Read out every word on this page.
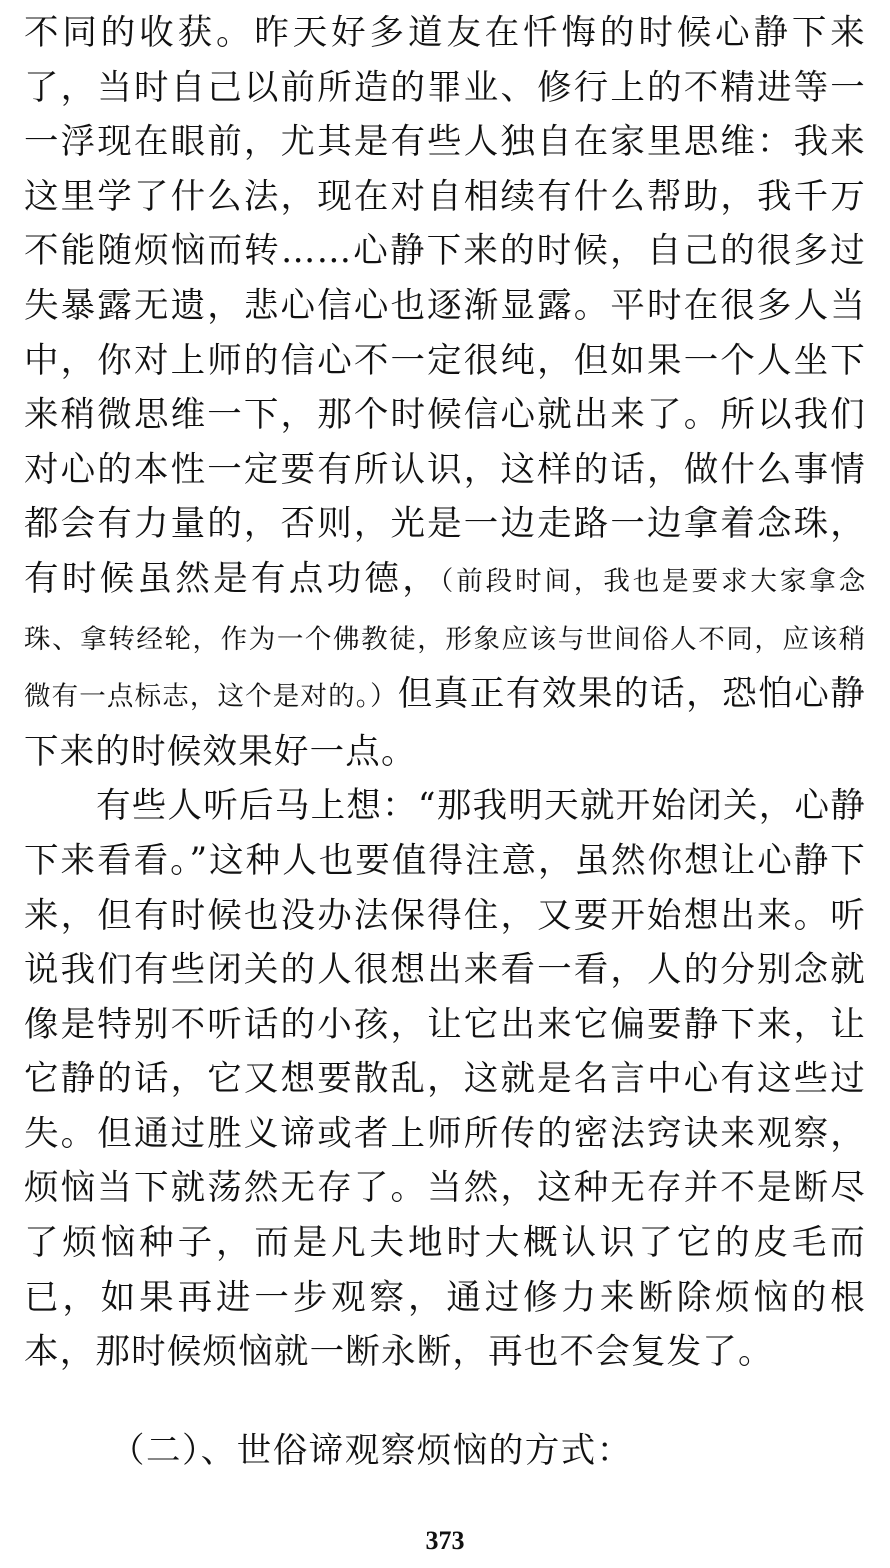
不同的收获。昨天好多道友在忏悔的时候心静下来了，当时自己以前所造的罪业、修行上的不精进等一一浮现在眼前，尤其是有些人独自在家里思维：我来这里学了什么法，现在对自相续有什么帮助，我千万不能随烦恼而转……心静下来的时候，自己的很多过失暴露无遗，悲心信心也逐渐显露。平时在很多人当中，你对上师的信心不一定很纯，但如果一个人坐下来稍微思维一下，那个时候信心就出来了。所以我们对心的本性一定要有所认识，这样的话，做什么事情都会有力量的，否则，光是一边走路一边拿着念珠，有时候虽然是有点功德，（前段时间，我也是要求大家拿念珠、拿转经轮，作为一个佛教徒，形象应该与世间俗人不同，应该稍微有一点标志，这个是对的。）但真正有效果的话，恐怕心静下来的时候效果好一点。

有些人听后马上想：“那我明天就开始闭关，心静下来看看。”这种人也要值得注意，虽然你想让心静下来，但有时候也没办法保得住，又要开始想出来。听说我们有些闭关的人很想出来看一看，人的分别念就像是特别不听话的小孩，让它出来它偏要静下来，让它静的话，它又想要散乱，这就是名言中心有这些过失。但通过胜义谛或者上师所传的密法窍诀来观察，烦恼当下就荡然无存了。当然，这种无存并不是断尽了烦恼种子，而是凡夫地时大概认识了它的皮毛而已，如果再进一步观察，通过修力来断除烦恼的根本，那时候烦恼就一断永断，再也不会复发了。

（二）、世俗谛观察烦恼的方式：

373
